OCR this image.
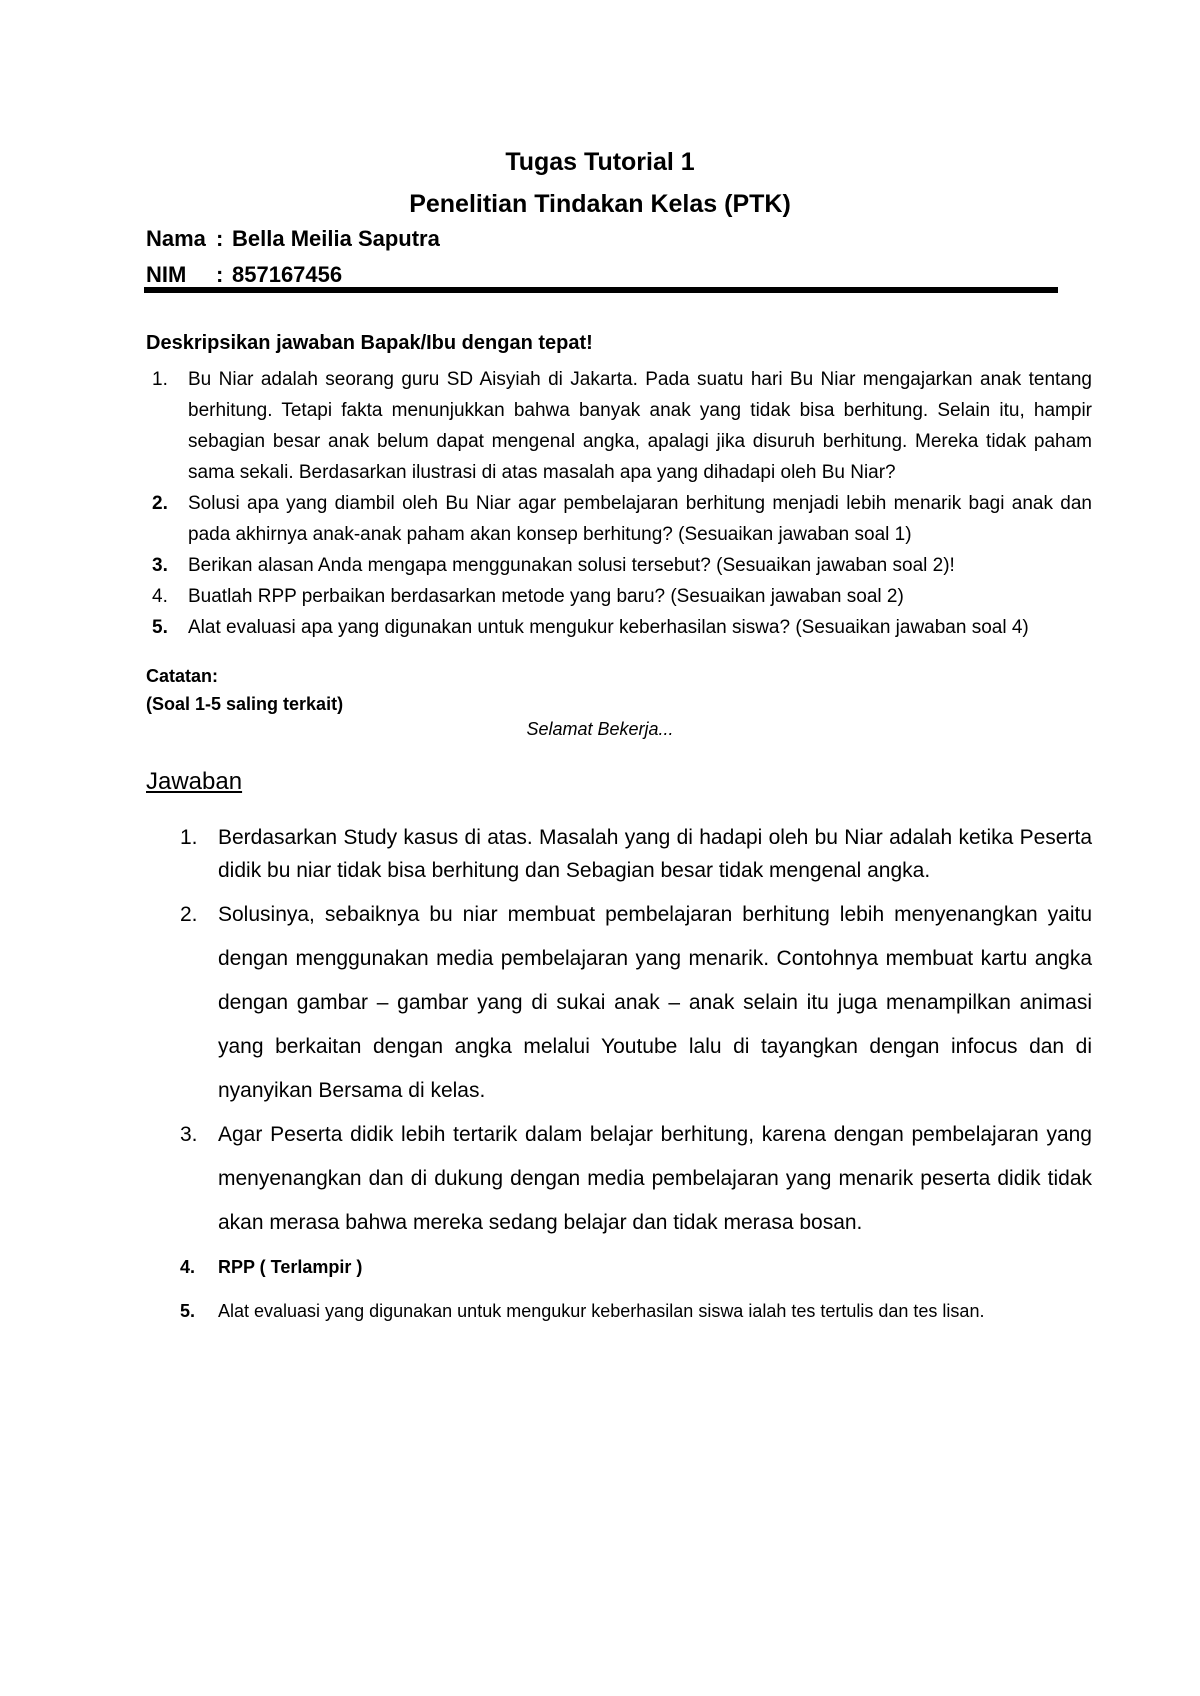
Tugas Tutorial 1
Penelitian Tindakan Kelas (PTK)
Nama : Bella Meilia Saputra
NIM : 857167456
Deskripsikan jawaban Bapak/Ibu dengan tepat!
1. Bu Niar adalah seorang guru SD Aisyiah di Jakarta. Pada suatu hari Bu Niar mengajarkan anak tentang berhitung. Tetapi fakta menunjukkan bahwa banyak anak yang tidak bisa berhitung. Selain itu, hampir sebagian besar anak belum dapat mengenal angka, apalagi jika disuruh berhitung. Mereka tidak paham sama sekali. Berdasarkan ilustrasi di atas masalah apa yang dihadapi oleh Bu Niar?
2. Solusi apa yang diambil oleh Bu Niar agar pembelajaran berhitung menjadi lebih menarik bagi anak dan pada akhirnya anak-anak paham akan konsep berhitung? (Sesuaikan jawaban soal 1)
3. Berikan alasan Anda mengapa menggunakan solusi tersebut? (Sesuaikan jawaban soal 2)!
4. Buatlah RPP perbaikan berdasarkan metode yang baru? (Sesuaikan jawaban soal 2)
5. Alat evaluasi apa yang digunakan untuk mengukur keberhasilan siswa? (Sesuaikan jawaban soal 4)
Catatan:
(Soal 1-5 saling terkait)
Selamat Bekerja...
Jawaban
1. Berdasarkan Study kasus di atas. Masalah yang di hadapi oleh bu Niar adalah ketika Peserta didik bu niar tidak bisa berhitung dan Sebagian besar tidak mengenal angka.
2. Solusinya, sebaiknya bu niar membuat pembelajaran berhitung lebih menyenangkan yaitu dengan menggunakan media pembelajaran yang menarik. Contohnya membuat kartu angka dengan gambar – gambar yang di sukai anak – anak selain itu juga menampilkan animasi yang berkaitan dengan angka melalui Youtube lalu di tayangkan dengan infocus dan di nyanyikan Bersama di kelas.
3. Agar Peserta didik lebih tertarik dalam belajar berhitung, karena dengan pembelajaran yang menyenangkan dan di dukung dengan media pembelajaran yang menarik peserta didik tidak akan merasa bahwa mereka sedang belajar dan tidak merasa bosan.
4. RPP ( Terlampir )
5. Alat evaluasi yang digunakan untuk mengukur keberhasilan siswa ialah tes tertulis dan tes lisan.
